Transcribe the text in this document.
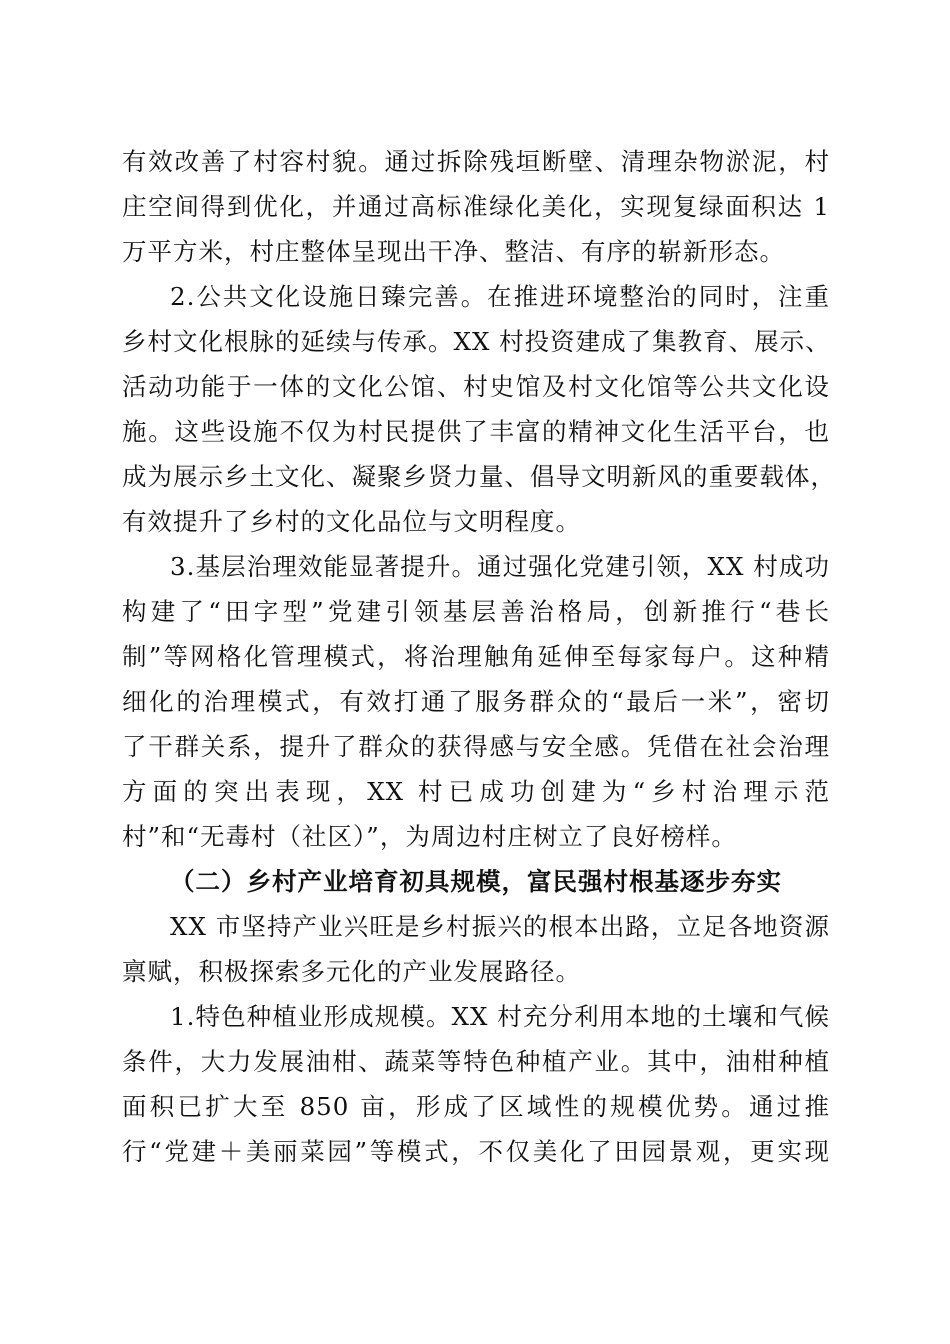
有效改善了村容村貌。通过拆除残垣断壁、清理杂物淤泥，村
庄空间得到优化，并通过高标准绿化美化，实现复绿面积达 1
万平方米，村庄整体呈现出干净、整洁、有序的崭新形态。
2.公共文化设施日臻完善。在推进环境整治的同时，注重
乡村文化根脉的延续与传承。XX 村投资建成了集教育、展示、
活动功能于一体的文化公馆、村史馆及村文化馆等公共文化设
施。这些设施不仅为村民提供了丰富的精神文化生活平台，也
成为展示乡土文化、凝聚乡贤力量、倡导文明新风的重要载体，
有效提升了乡村的文化品位与文明程度。
3.基层治理效能显著提升。通过强化党建引领，XX 村成功
构建了“田字型”党建引领基层善治格局，创新推行“巷长
制”等网格化管理模式，将治理触角延伸至每家每户。这种精
细化的治理模式，有效打通了服务群众的“最后一米”，密切
了干群关系，提升了群众的获得感与安全感。凭借在社会治理
方面的突出表现，XX 村已成功创建为“乡村治理示范
村”和“无毒村（社区）”，为周边村庄树立了良好榜样。
（二）乡村产业培育初具规模，富民强村根基逐步夯实
XX 市坚持产业兴旺是乡村振兴的根本出路，立足各地资源
禀赋，积极探索多元化的产业发展路径。
1.特色种植业形成规模。XX 村充分利用本地的土壤和气候
条件，大力发展油柑、蔬菜等特色种植产业。其中，油柑种植
面积已扩大至 850 亩，形成了区域性的规模优势。通过推
行“党建＋美丽菜园”等模式，不仅美化了田园景观，更实现
